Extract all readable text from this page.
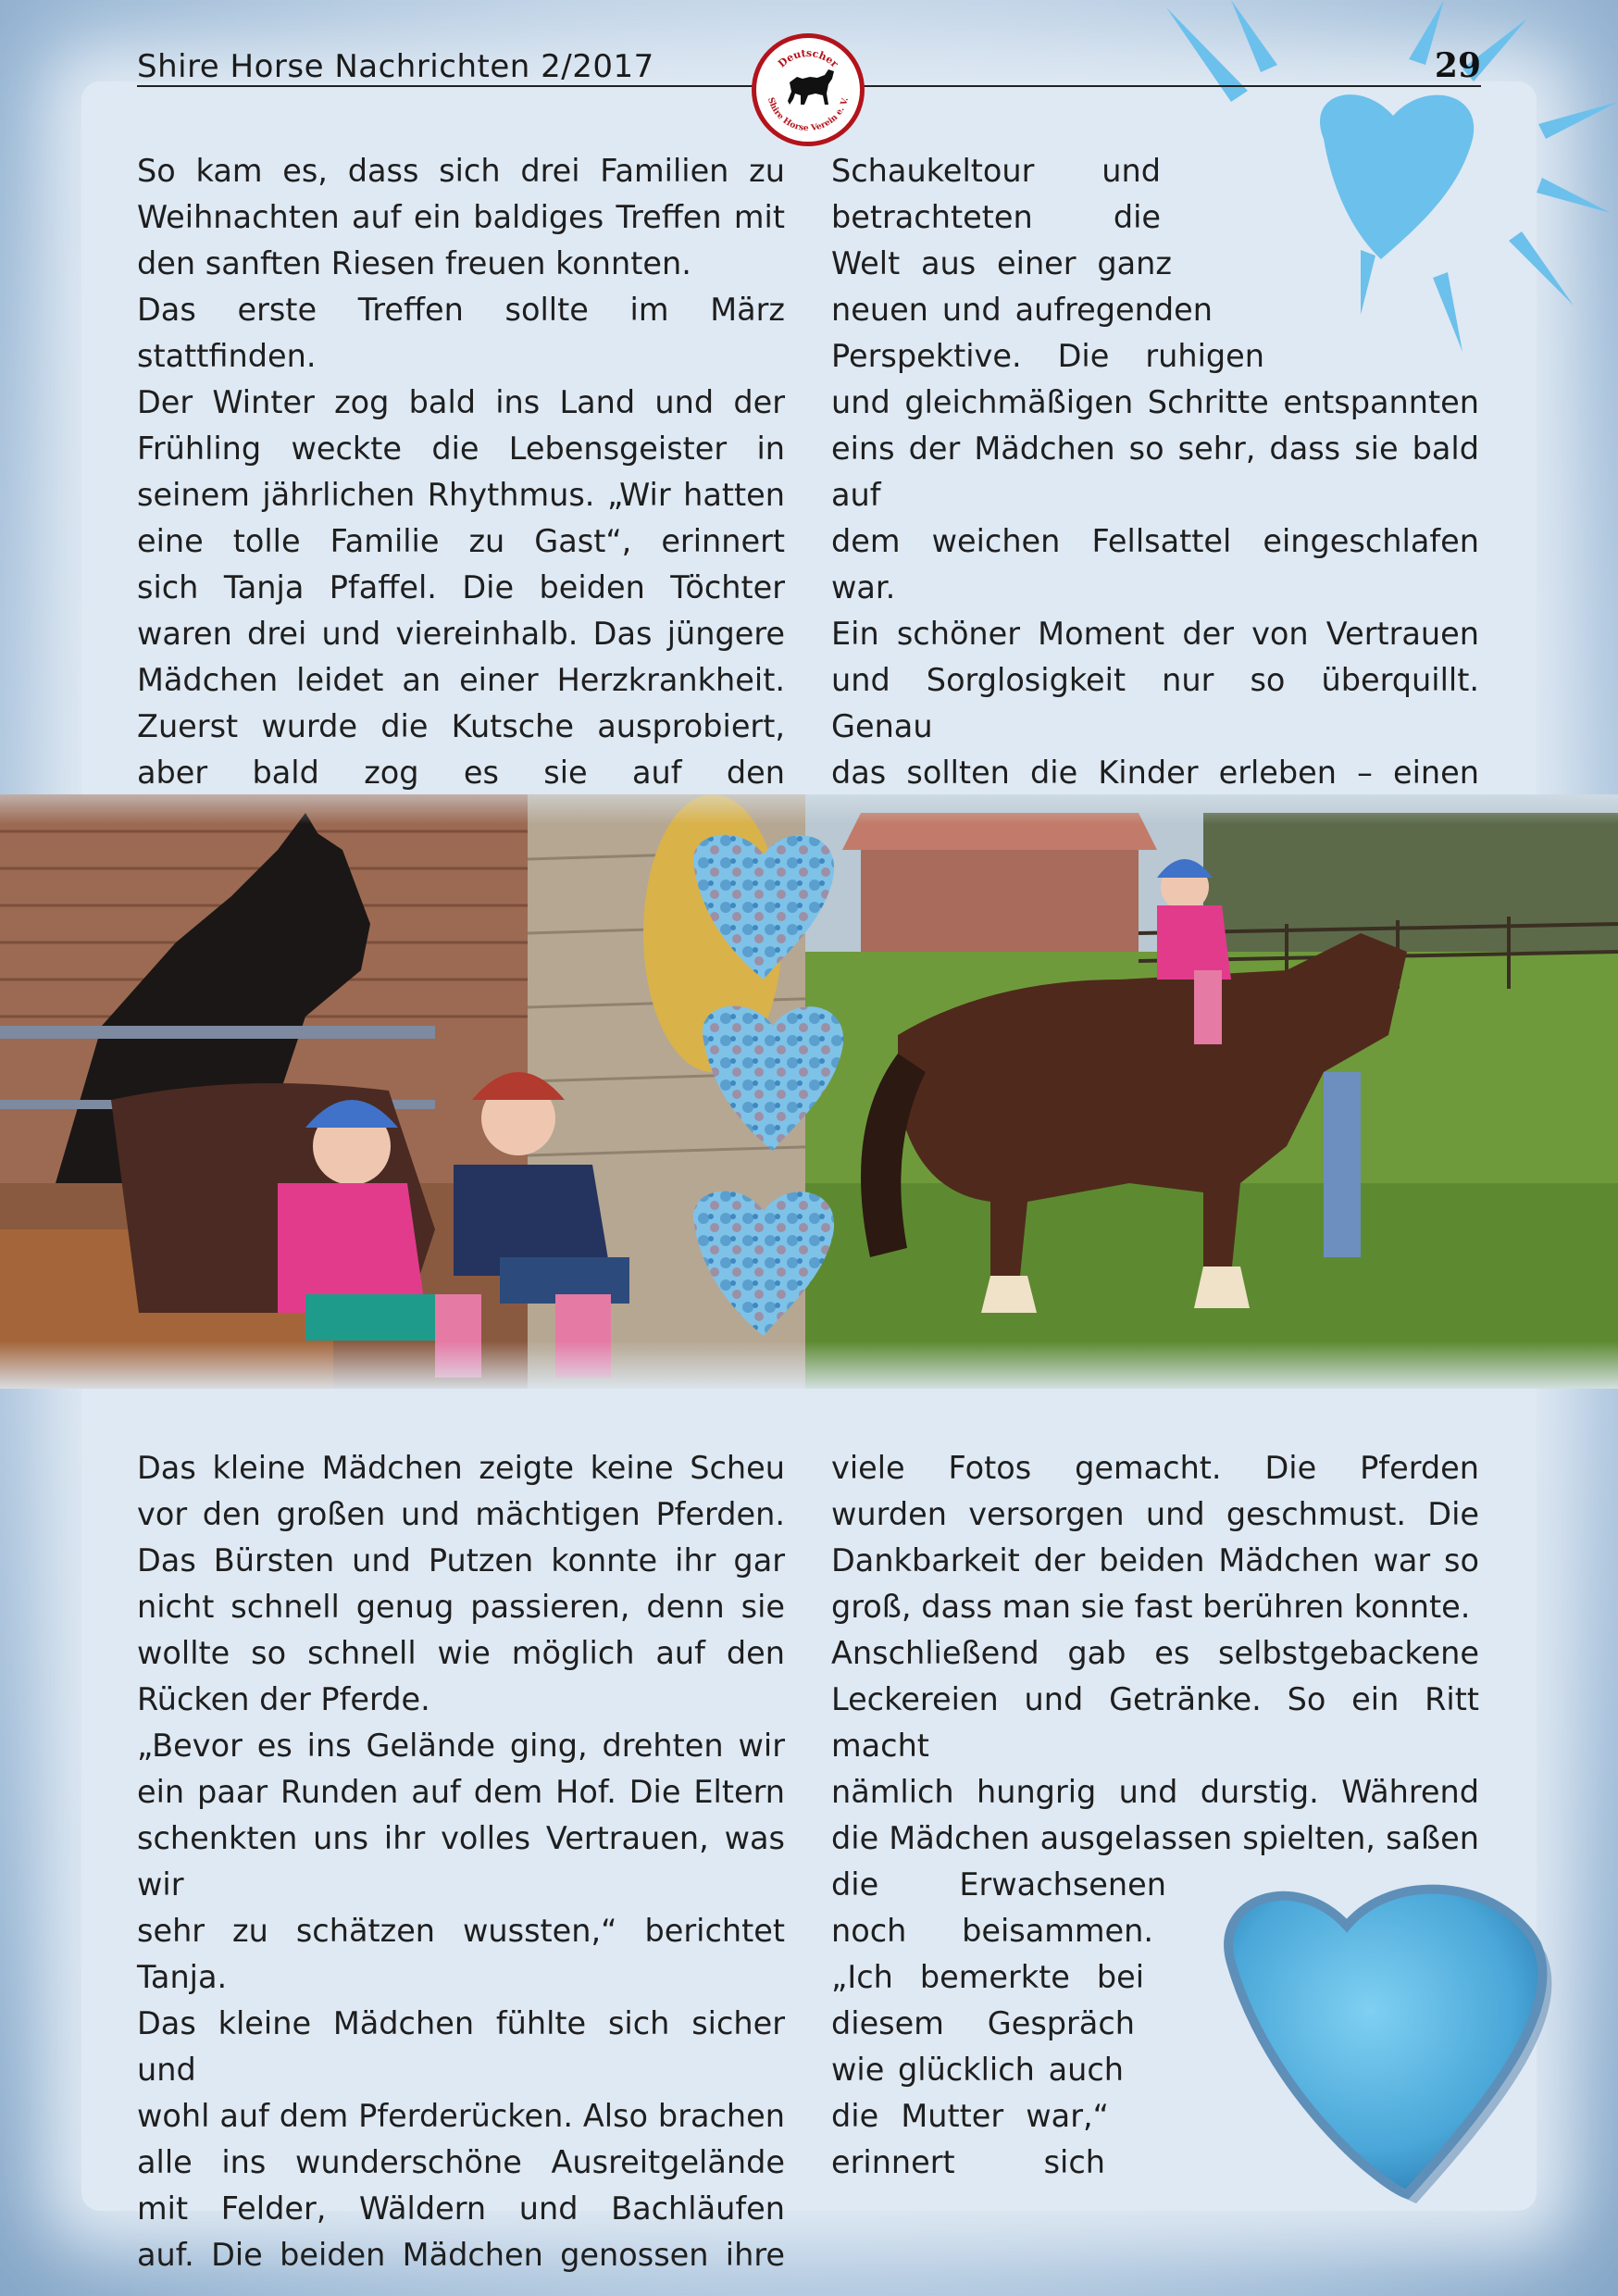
Shire Horse Nachrichten 2/2017	29
Deutscher
Shire Horse Verein e. V.

So kam es, dass sich drei Familien zu

Weihnachten auf ein baldiges Treffen mit

den sanften Riesen freuen konnten.

Das erste Treffen sollte im März stattfinden.

Der Winter zog bald ins Land und der

Frühling weckte die Lebensgeister in

seinem jährlichen Rhythmus. „Wir hatten

eine tolle Familie zu Gast“, erinnert

sich Tanja Pfaffel. Die beiden Töchter

waren drei und viereinhalb. Das jüngere

Mädchen leidet an einer Herzkrankheit.

Zuerst wurde die Kutsche ausprobiert,

aber bald zog es sie auf den

Schaukeltour und

betrachteten die

Welt aus einer ganz

neuen und aufregenden

Perspektive. Die ruhigen

und gleichmäßigen Schritte entspannten

eins der Mädchen so sehr, dass sie bald auf

dem weichen Fellsattel eingeschlafen war.

Ein schöner Moment der von Vertrauen

und Sorglosigkeit nur so überquillt. Genau

das sollten die Kinder erleben – einen

Das kleine Mädchen zeigte keine Scheu

vor den großen und mächtigen Pferden.

Das Bürsten und Putzen konnte ihr gar

nicht schnell genug passieren, denn sie

wollte so schnell wie möglich auf den

Rücken der Pferde.

„Bevor es ins Gelände ging, drehten wir

ein paar Runden auf dem Hof. Die Eltern

schenkten uns ihr volles Vertrauen, was wir

sehr zu schätzen wussten,“ berichtet Tanja.

Das kleine Mädchen fühlte sich sicher und

wohl auf dem Pferderücken. Also brachen

alle ins wunderschöne Ausreitgelände

mit Felder, Wäldern und Bachläufen

auf. Die beiden Mädchen genossen ihre

viele Fotos gemacht. Die Pferden

wurden versorgen und geschmust. Die

Dankbarkeit der beiden Mädchen war so

groß, dass man sie fast berühren konnte.

Anschließend gab es selbstgebackene

Leckereien und Getränke. So ein Ritt macht

nämlich hungrig und durstig. Während

die Mädchen ausgelassen spielten, saßen

die Erwachsenen

noch beisammen.

„Ich bemerkte bei

diesem Gespräch

wie glücklich auch

die Mutter war,“

erinnert sich
